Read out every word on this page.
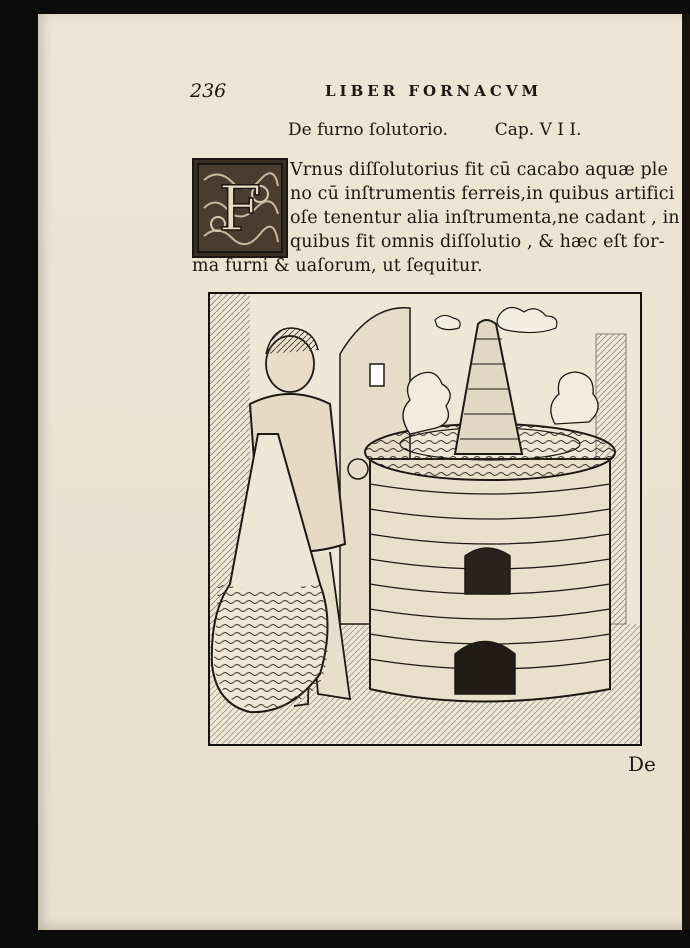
236	LIBER FORNACVM
De furno ſolutorio.	Cap. V I I.
F
Vrnus diſſolutorius fit cū cacabo aquæ ple
no cū inſtrumentis ferreis,in quibus artifici
oſe tenentur alia inſtrumenta,ne cadant , in
quibus fit omnis diſſolutio , & hæc eſt for-
ma furni & uaſorum, ut ſequitur.
De
